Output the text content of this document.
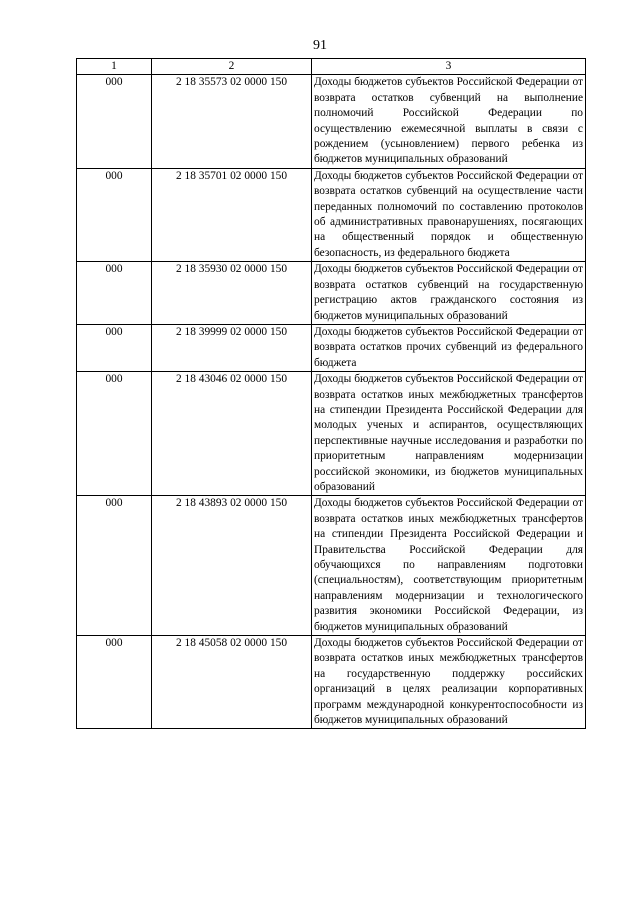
91
1	2	3
000	2 18 35573 02 0000 150	Доходы бюджетов субъектов Российской Федерации от возврата остатков субвенций на выполнение полномочий Российской Федерации по осуществлению ежемесячной выплаты в связи с рождением (усыновлением) первого ребенка из бюджетов муниципальных образований
000	2 18 35701 02 0000 150	Доходы бюджетов субъектов Российской Федерации от возврата остатков субвенций на осуществление части переданных полномочий по составлению протоколов об административных правонарушениях, посягающих на общественный порядок и общественную безопасность, из федерального бюджета
000	2 18 35930 02 0000 150	Доходы бюджетов субъектов Российской Федерации от возврата остатков субвенций на государственную регистрацию актов гражданского состояния из бюджетов муниципальных образований
000	2 18 39999 02 0000 150	Доходы бюджетов субъектов Российской Федерации от возврата остатков прочих субвенций из федерального бюджета
000	2 18 43046 02 0000 150	Доходы бюджетов субъектов Российской Федерации от возврата остатков иных межбюджетных трансфертов на стипендии Президента Российской Федерации для молодых ученых и аспирантов, осуществляющих перспективные научные исследования и разработки по приоритетным направлениям модернизации российской экономики, из бюджетов муниципальных образований
000	2 18 43893 02 0000 150	Доходы бюджетов субъектов Российской Федерации от возврата остатков иных межбюджетных трансфертов на стипендии Президента Российской Федерации и Правительства Российской Федерации для обучающихся по направлениям подготовки (специальностям), соответствующим приоритетным направлениям модернизации и технологического развития экономики Российской Федерации, из бюджетов муниципальных образований
000	2 18 45058 02 0000 150	Доходы бюджетов субъектов Российской Федерации от возврата остатков иных межбюджетных трансфертов на государственную поддержку российских организаций в целях реализации корпоративных программ международной конкурентоспособности из бюджетов муниципальных образований
